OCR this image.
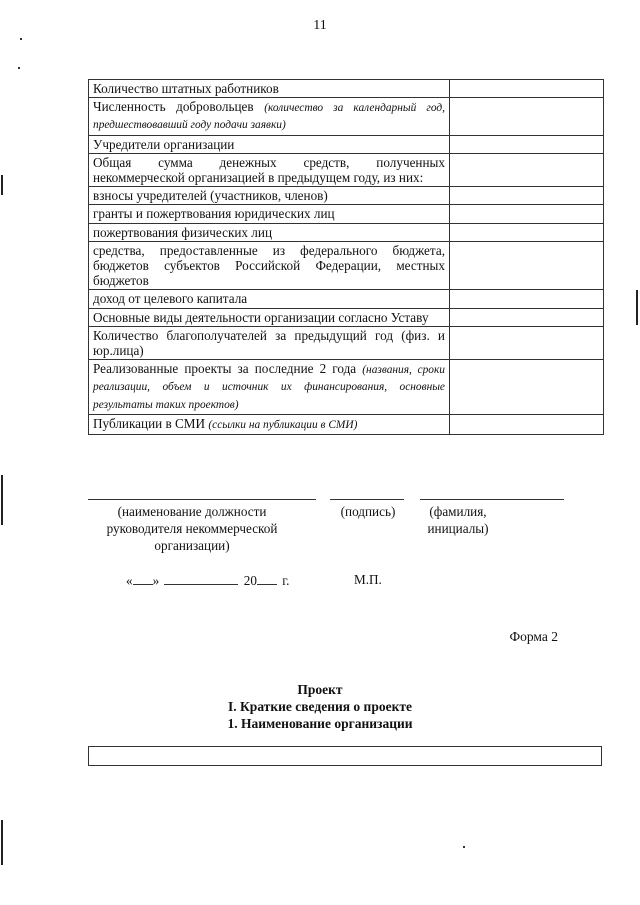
11
Количество штатных работников	
Численность добровольцев (количество за календарный год, предшествовавший году подачи заявки)	
Учредители организации	
Общая сумма денежных средств, полученных некоммерческой организацией в предыдущем году, из них:	
взносы учредителей (участников, членов)	
гранты и пожертвования юридических лиц	
пожертвования физических лиц	
средства, предоставленные из федерального бюджета, бюджетов субъектов Российской Федерации, местных бюджетов	
доход от целевого капитала	
Основные виды деятельности организации согласно Уставу	
Количество благополучателей за предыдущий год (физ. и юр.лица)	
Реализованные проекты за последние 2 года (названия, сроки реализации, объем и источник их финансирования, основные результаты таких проектов)	
Публикации в СМИ (ссылки на публикации в СМИ)	
(наименование должности руководителя некоммерческой организации)
(подпись)	(фамилия, инициалы)
« »	20 г.	М.П.
Форма 2
Проект
I. Краткие сведения о проекте
1. Наименование организации
